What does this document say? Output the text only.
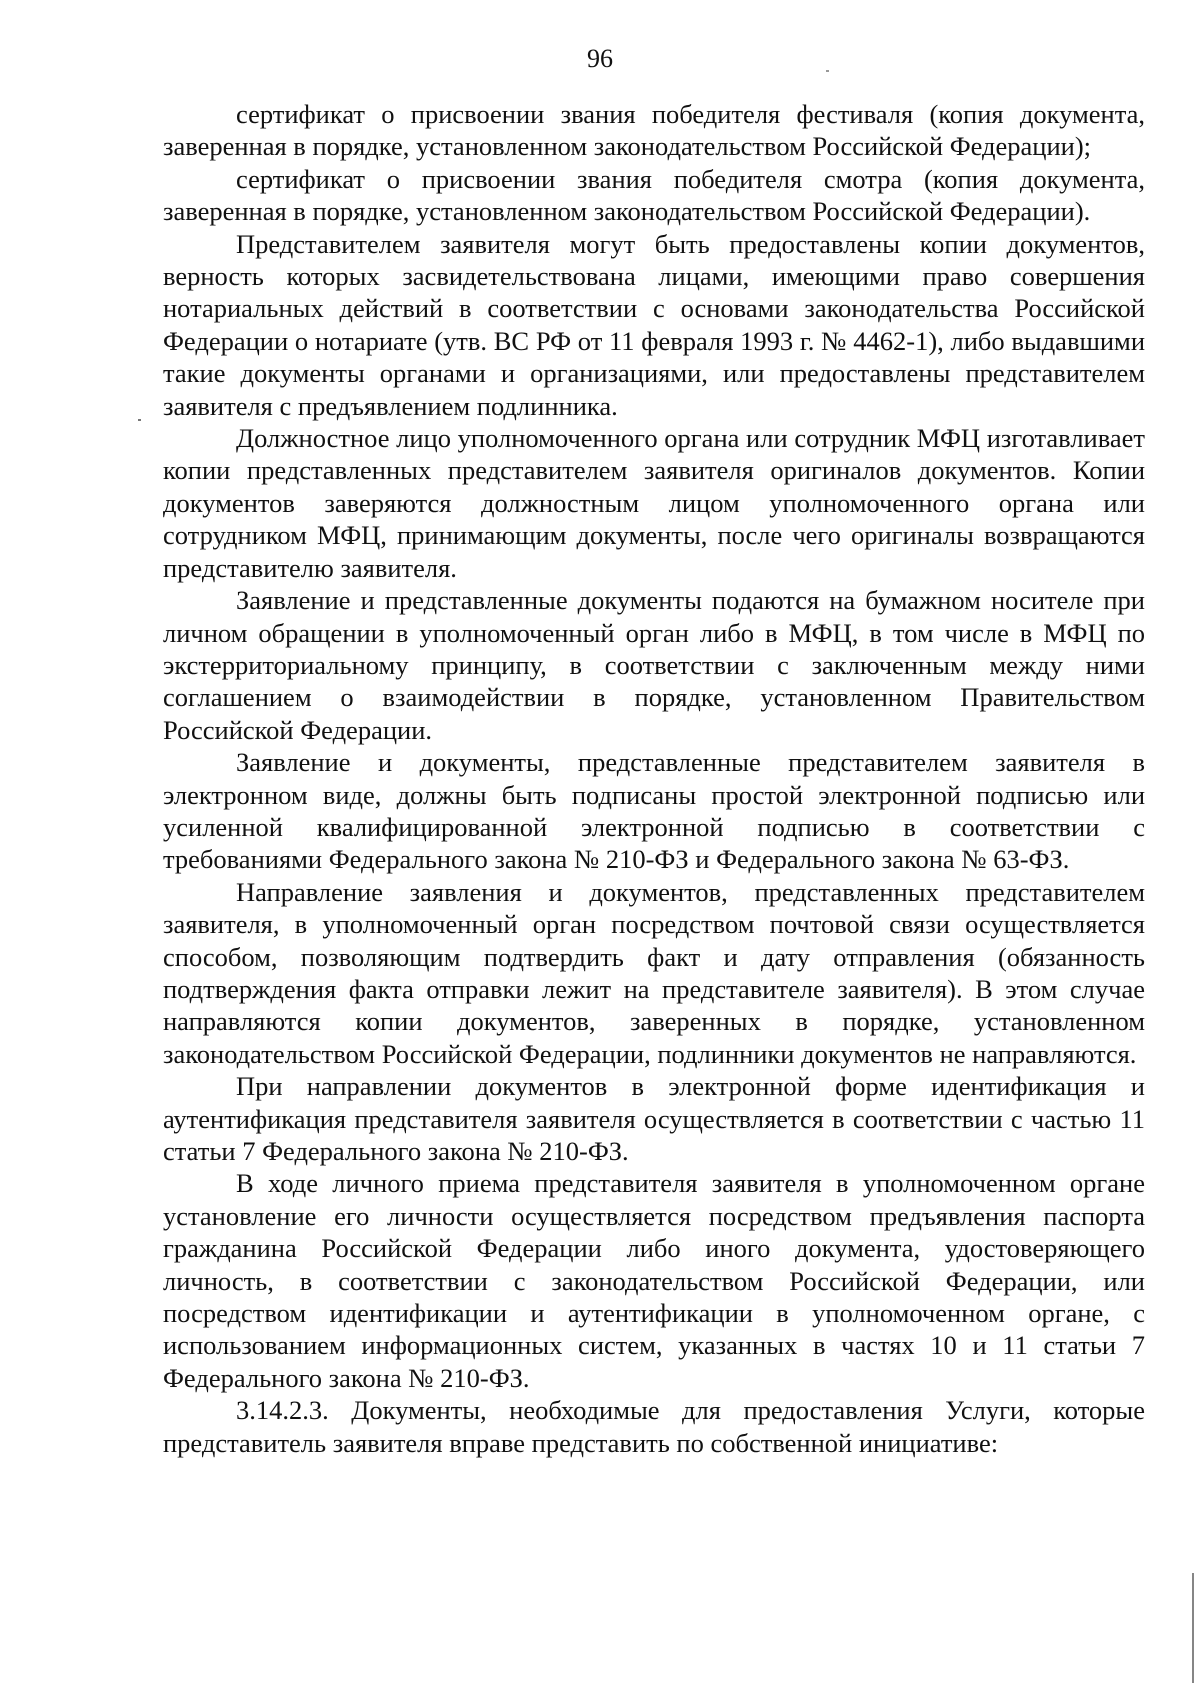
96

сертификат о присвоении звания победителя фестиваля (копия документа, заверенная в порядке, установленном законодательством Российской Федерации);

сертификат о присвоении звания победителя смотра (копия документа, заверенная в порядке, установленном законодательством Российской Федерации).

Представителем заявителя могут быть предоставлены копии документов, верность которых засвидетельствована лицами, имеющими право совершения нотариальных действий в соответствии с основами законодательства Российской Федерации о нотариате (утв. ВС РФ от 11 февраля 1993 г. № 4462-1), либо выдавшими такие документы органами и организациями, или предоставлены представителем заявителя с предъявлением подлинника.

Должностное лицо уполномоченного органа или сотрудник МФЦ изготавливает копии представленных представителем заявителя оригиналов документов. Копии документов заверяются должностным лицом уполномоченного органа или сотрудником МФЦ, принимающим документы, после чего оригиналы возвращаются представителю заявителя.

Заявление и представленные документы подаются на бумажном носителе при личном обращении в уполномоченный орган либо в МФЦ, в том числе в МФЦ по экстерриториальному принципу, в соответствии с заключенным между ними соглашением о взаимодействии в порядке, установленном Правительством Российской Федерации.

Заявление и документы, представленные представителем заявителя в электронном виде, должны быть подписаны простой электронной подписью или усиленной квалифицированной электронной подписью в соответствии с требованиями Федерального закона № 210-ФЗ и Федерального закона № 63-ФЗ.

Направление заявления и документов, представленных представителем заявителя, в уполномоченный орган посредством почтовой связи осуществляется способом, позволяющим подтвердить факт и дату отправления (обязанность подтверждения факта отправки лежит на представителе заявителя). В этом случае направляются копии документов, заверенных в порядке, установленном законодательством Российской Федерации, подлинники документов не направляются.

При направлении документов в электронной форме идентификация и аутентификация представителя заявителя осуществляется в соответствии с частью 11 статьи 7 Федерального закона № 210-ФЗ.

В ходе личного приема представителя заявителя в уполномоченном органе установление его личности осуществляется посредством предъявления паспорта гражданина Российской Федерации либо иного документа, удостоверяющего личность, в соответствии с законодательством Российской Федерации, или посредством идентификации и аутентификации в уполномоченном органе, с использованием информационных систем, указанных в частях 10 и 11 статьи 7 Федерального закона № 210-ФЗ.

3.14.2.3. Документы, необходимые для предоставления Услуги, которые представитель заявителя вправе представить по собственной инициативе:
